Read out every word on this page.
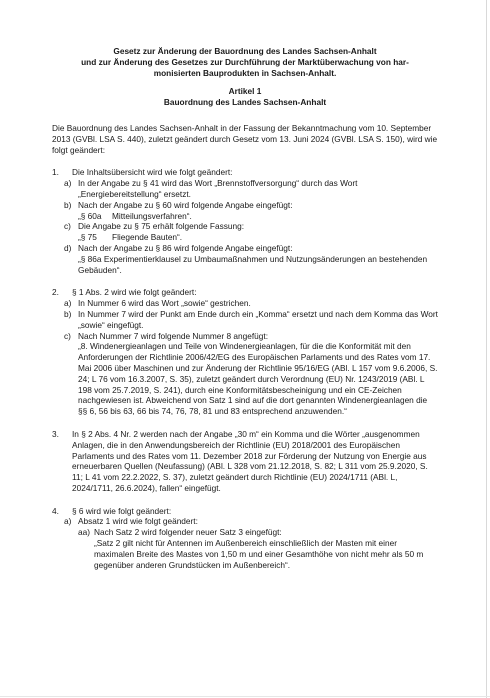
Gesetz zur Änderung der Bauordnung des Landes Sachsen-Anhalt
und zur Änderung des Gesetzes zur Durchführung der Marktüberwachung von har-
monisierten Bauprodukten in Sachsen-Anhalt.
Artikel 1
Bauordnung des Landes Sachsen-Anhalt

Die Bauordnung des Landes Sachsen-Anhalt in der Fassung der Bekanntmachung vom 10. September 2013 (GVBl. LSA S. 440), zuletzt geändert durch Gesetz vom 13. Juni 2024 (GVBl. LSA S. 150), wird wie folgt geändert:

1. Die Inhaltsübersicht wird wie folgt geändert:

a) In der Angabe zu § 41 wird das Wort „Brennstoffversorgung“ durch das Wort „Energiebereitstellung“ ersetzt.

b) Nach der Angabe zu § 60 wird folgende Angabe eingefügt:

„§ 60a Mitteilungsverfahren“.

c) Die Angabe zu § 75 erhält folgende Fassung:

„§ 75 Fliegende Bauten“.

d) Nach der Angabe zu § 86 wird folgende Angabe eingefügt:

„§ 86a Experimentierklausel zu Umbaumaßnahmen und Nutzungsänderungen an bestehenden Gebäuden“.

2. § 1 Abs. 2 wird wie folgt geändert:

a) In Nummer 6 wird das Wort „sowie“ gestrichen.

b) In Nummer 7 wird der Punkt am Ende durch ein „Komma“ ersetzt und nach dem Komma das Wort „sowie“ eingefügt.

c) Nach Nummer 7 wird folgende Nummer 8 angefügt:

„8. Windenergieanlagen und Teile von Windenergieanlagen, für die die Konformität mit den Anforderungen der Richtlinie 2006/42/EG des Europäischen Parlaments und des Rates vom 17. Mai 2006 über Maschinen und zur Änderung der Richtlinie 95/16/EG (ABl. L 157 vom 9.6.2006, S. 24; L 76 vom 16.3.2007, S. 35), zuletzt geändert durch Verordnung (EU) Nr. 1243/2019 (ABl. L 198 vom 25.7.2019, S. 241), durch eine Konformitätsbescheinigung und ein CE-Zeichen nachgewiesen ist. Abweichend von Satz 1 sind auf die dort genannten Windenergieanlagen die §§ 6, 56 bis 63, 66 bis 74, 76, 78, 81 und 83 entsprechend anzuwenden.“

3. In § 2 Abs. 4 Nr. 2 werden nach der Angabe „30 m“ ein Komma und die Wörter „ausgenommen Anlagen, die in den Anwendungsbereich der Richtlinie (EU) 2018/2001 des Europäischen Parlaments und des Rates vom 11. Dezember 2018 zur Förderung der Nutzung von Energie aus erneuerbaren Quellen (Neufassung) (ABl. L 328 vom 21.12.2018, S. 82; L 311 vom 25.9.2020, S. 11; L 41 vom 22.2.2022, S. 37), zuletzt geändert durch Richtlinie (EU) 2024/1711 (ABl. L, 2024/1711, 26.6.2024), fallen“ eingefügt.

4. § 6 wird wie folgt geändert:

a) Absatz 1 wird wie folgt geändert:

aa) Nach Satz 2 wird folgender neuer Satz 3 eingefügt:

„Satz 2 gilt nicht für Antennen im Außenbereich einschließlich der Masten mit einer maximalen Breite des Mastes von 1,50 m und einer Gesamthöhe von nicht mehr als 50 m gegenüber anderen Grundstücken im Außenbereich“.
